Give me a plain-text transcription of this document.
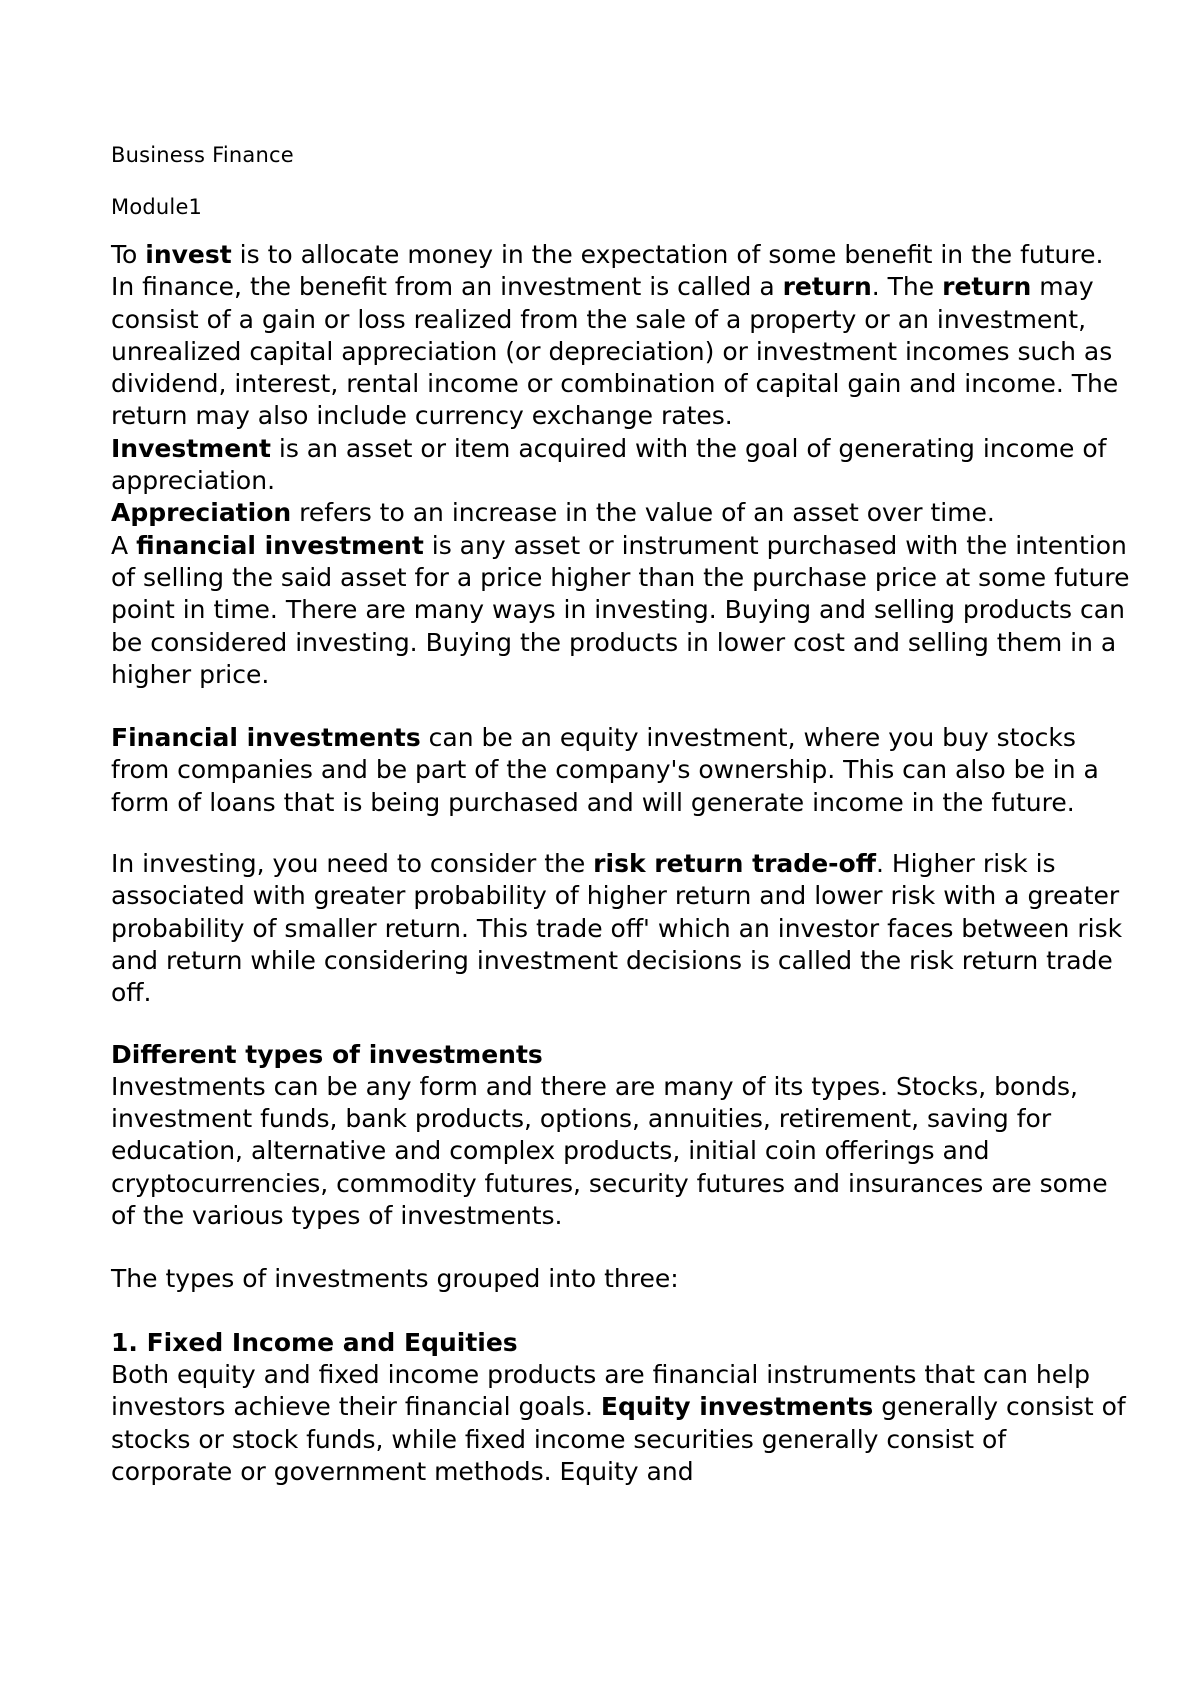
Business Finance
Module1

To invest is to allocate money in the expectation of some benefit in the future. In finance, the benefit from an investment is called a return. The return may consist of a gain or loss realized from the sale of a property or an investment, unrealized capital appreciation (or depreciation) or investment incomes such as dividend, interest, rental income or combination of capital gain and income. The return may also include currency exchange rates.

Investment is an asset or item acquired with the goal of generating income of appreciation.

Appreciation refers to an increase in the value of an asset over time.

A financial investment is any asset or instrument purchased with the intention of selling the said asset for a price higher than the purchase price at some future point in time. There are many ways in investing. Buying and selling products can be considered investing. Buying the products in lower cost and selling them in a higher price.

Financial investments can be an equity investment, where you buy stocks from companies and be part of the company's ownership. This can also be in a form of loans that is being purchased and will generate income in the future.

In investing, you need to consider the risk return trade-off. Higher risk is associated with greater probability of higher return and lower risk with a greater probability of smaller return. This trade off' which an investor faces between risk and return while considering investment decisions is called the risk return trade off.

Different types of investments

Investments can be any form and there are many of its types. Stocks, bonds, investment funds, bank products, options, annuities, retirement, saving for education, alternative and complex products, initial coin offerings and cryptocurrencies, commodity futures, security futures and insurances are some of the various types of investments.

The types of investments grouped into three:

1. Fixed Income and Equities

Both equity and fixed income products are financial instruments that can help investors achieve their financial goals. Equity investments generally consist of stocks or stock funds, while fixed income securities generally consist of corporate or government methods. Equity and
